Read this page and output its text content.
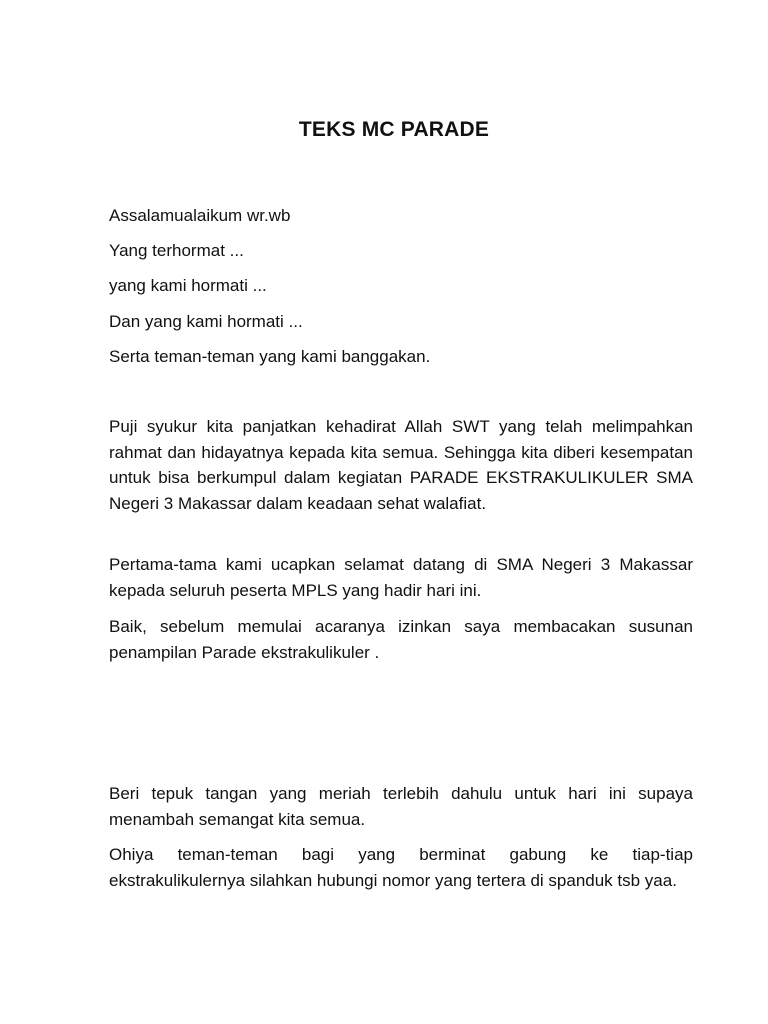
TEKS MC PARADE
Assalamualaikum wr.wb
Yang terhormat ...
yang kami hormati ...
Dan yang kami hormati ...
Serta teman-teman yang kami banggakan.

Puji syukur kita panjatkan kehadirat Allah SWT yang telah melimpahkan rahmat dan hidayatnya kepada kita semua. Sehingga kita diberi kesempatan untuk bisa berkumpul dalam kegiatan PARADE EKSTRAKULIKULER SMA Negeri 3 Makassar dalam keadaan sehat walafiat.

Pertama-tama kami ucapkan selamat datang di SMA Negeri 3 Makassar kepada seluruh peserta MPLS yang hadir hari ini.

Baik, sebelum memulai acaranya izinkan saya membacakan susunan penampilan Parade ekstrakulikuler .

Beri tepuk tangan yang meriah terlebih dahulu untuk hari ini supaya menambah semangat kita semua.

Ohiya teman-teman bagi yang berminat gabung ke tiap-tiap ekstrakulikulernya silahkan hubungi nomor yang tertera di spanduk tsb yaa.
